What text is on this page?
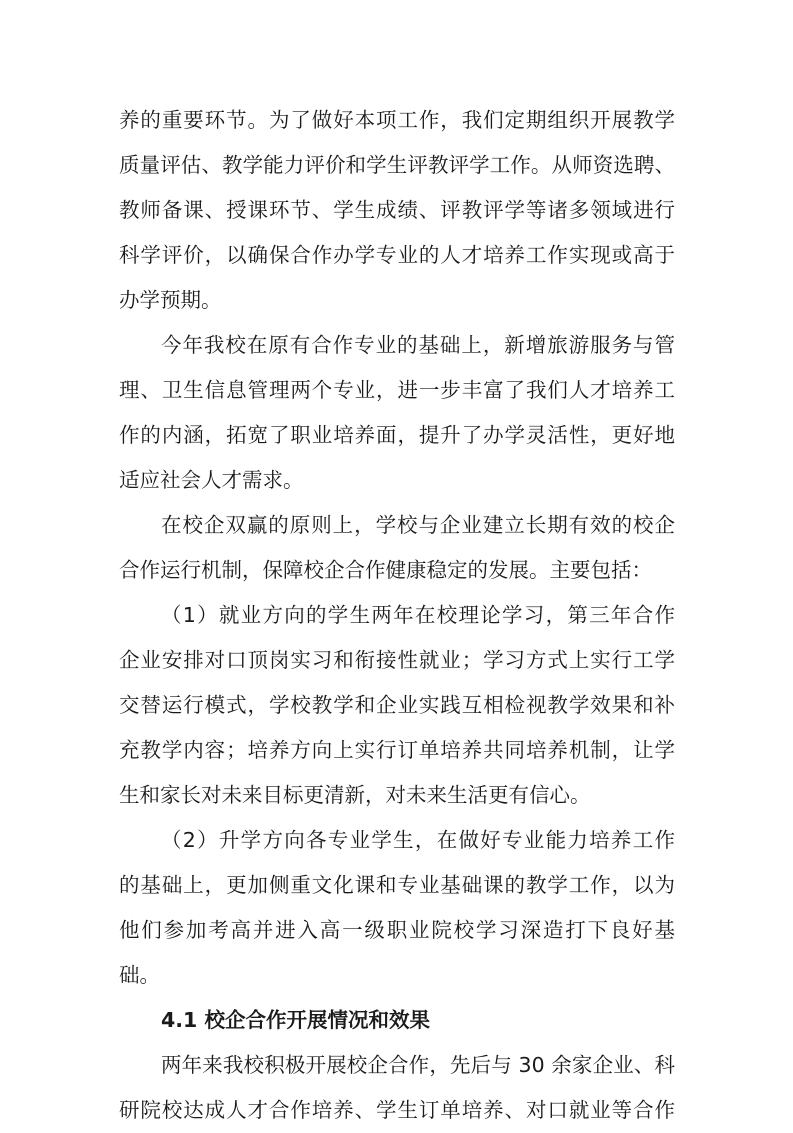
养的重要环节。为了做好本项工作，我们定期组织开展教学
质量评估、教学能力评价和学生评教评学工作。从师资选聘、
教师备课、授课环节、学生成绩、评教评学等诸多领域进行
科学评价，以确保合作办学专业的人才培养工作实现或高于
办学预期。
今年我校在原有合作专业的基础上，新增旅游服务与管
理、卫生信息管理两个专业，进一步丰富了我们人才培养工
作的内涵，拓宽了职业培养面，提升了办学灵活性，更好地
适应社会人才需求。
在校企双赢的原则上，学校与企业建立长期有效的校企
合作运行机制，保障校企合作健康稳定的发展。主要包括：
（1）就业方向的学生两年在校理论学习，第三年合作
企业安排对口顶岗实习和衔接性就业；学习方式上实行工学
交替运行模式，学校教学和企业实践互相检视教学效果和补
充教学内容；培养方向上实行订单培养共同培养机制，让学
生和家长对未来目标更清新，对未来生活更有信心。
（2）升学方向各专业学生，在做好专业能力培养工作
的基础上，更加侧重文化课和专业基础课的教学工作，以为
他们参加考高并进入高一级职业院校学习深造打下良好基
础。
4.1 校企合作开展情况和效果
两年来我校积极开展校企合作，先后与 30 余家企业、科
研院校达成人才合作培养、学生订单培养、对口就业等合作
